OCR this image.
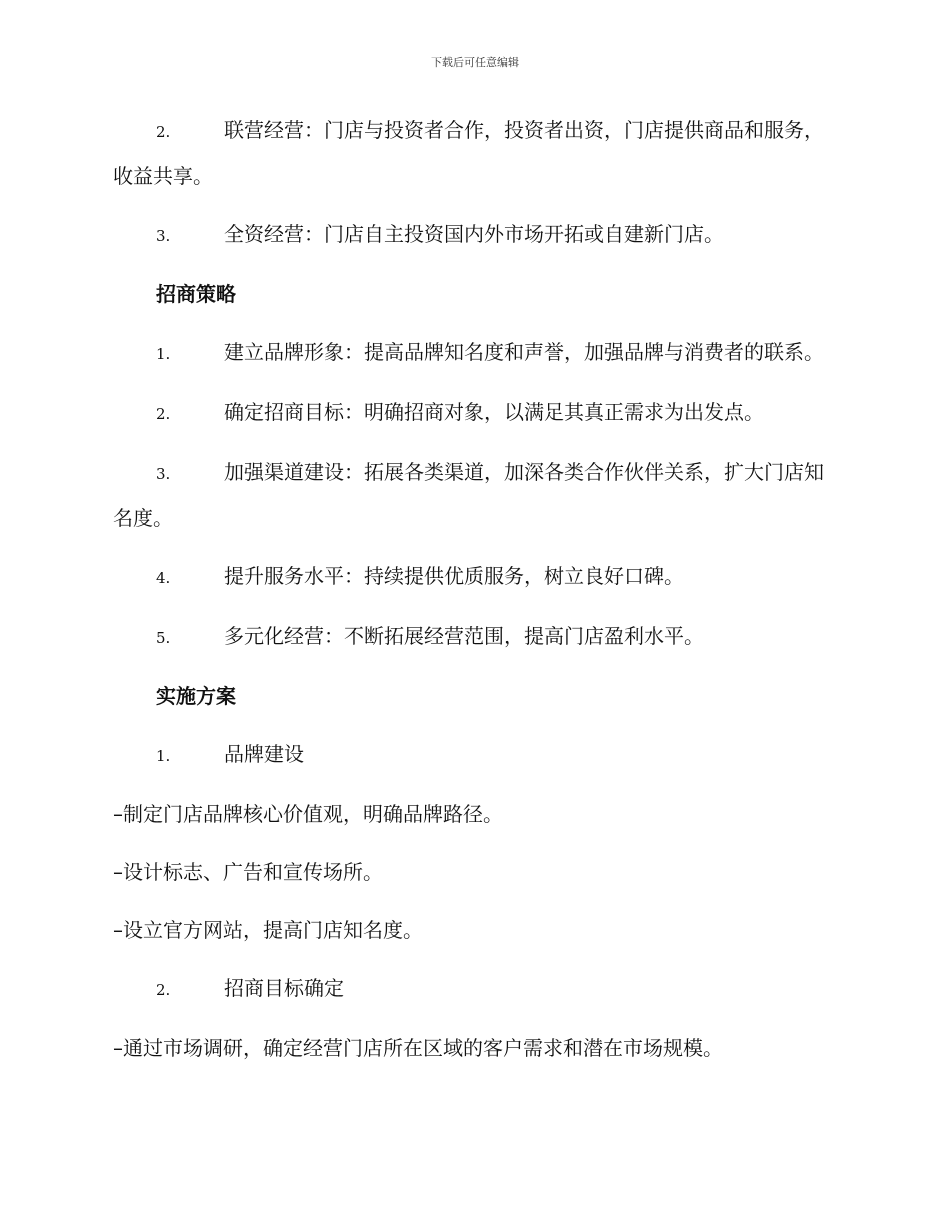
下载后可任意编辑

2.	联营经营：门店与投资者合作，投资者出资，门店提供商品和服务，收益共享。

3.	全资经营：门店自主投资国内外市场开拓或自建新门店。

招商策略

1.	建立品牌形象：提高品牌知名度和声誉，加强品牌与消费者的联系。

2.	确定招商目标：明确招商对象，以满足其真正需求为出发点。

3.	加强渠道建设：拓展各类渠道，加深各类合作伙伴关系，扩大门店知名度。

4.	提升服务水平：持续提供优质服务，树立良好口碑。

5.	多元化经营：不断拓展经营范围，提高门店盈利水平。

实施方案

1.	品牌建设

–制定门店品牌核心价值观，明确品牌路径。

–设计标志、广告和宣传场所。

–设立官方网站，提高门店知名度。

2.	招商目标确定

–通过市场调研，确定经营门店所在区域的客户需求和潜在市场规模。
